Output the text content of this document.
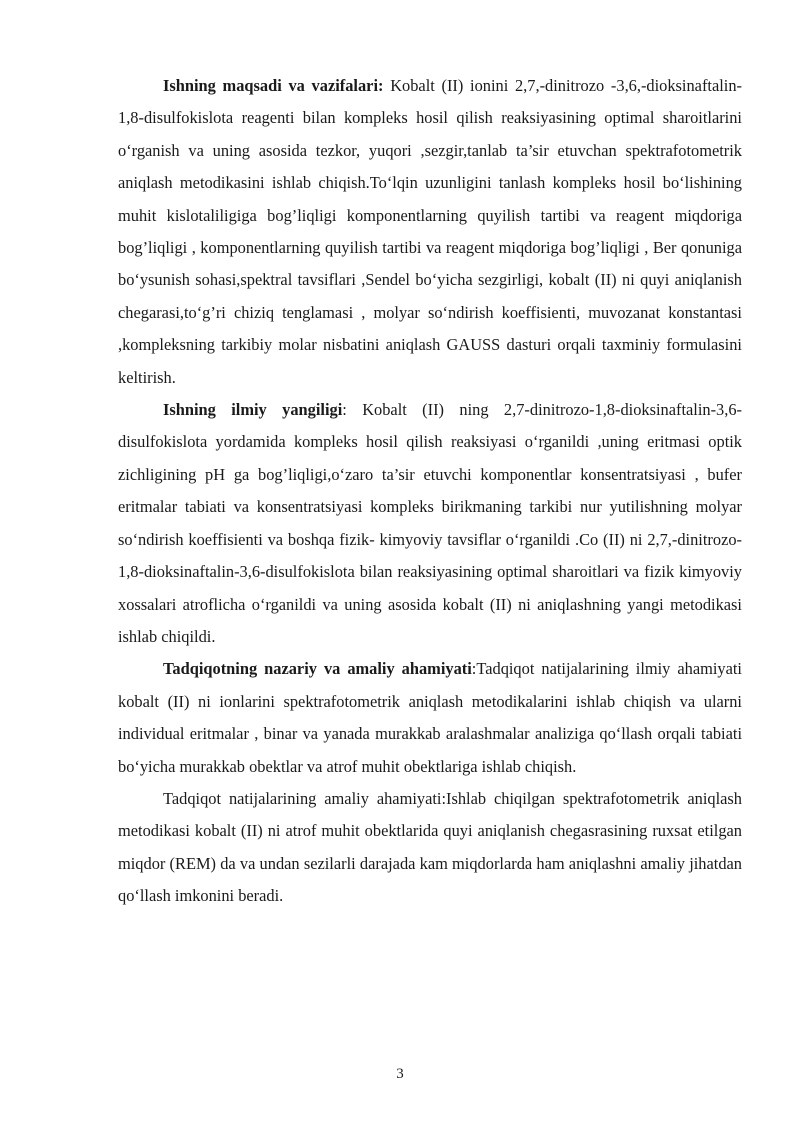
Ishning maqsadi va vazifalari: Kobalt (II) ionini 2,7,-dinitrozo -3,6,-dioksinaftalin-1,8-disulfokislota reagenti bilan kompleks hosil qilish reaksiyasining optimal sharoitlarini o‘rganish va uning asosida tezkor, yuqori ,sezgir,tanlab ta’sir etuvchan spektrafotometrik aniqlash metodikasini ishlab chiqish.To‘lqin uzunligini tanlash kompleks hosil bo‘lishining muhit kislotaliligiga bog’liqligi komponentlarning quyilish tartibi va reagent miqdoriga bog’liqligi , komponentlarning quyilish tartibi va reagent miqdoriga bog’liqligi , Ber qonuniga bo‘ysunish sohasi,spektral tavsiflari ,Sendel bo‘yicha sezgirligi, kobalt (II) ni quyi aniqlanish chegarasi,to‘g’ri chiziq tenglamasi , molyar so‘ndirish koeffisienti, muvozanat konstantasi ,kompleksning tarkibiy molar nisbatini aniqlash GAUSS dasturi orqali taxminiy formulasini keltirish.

Ishning ilmiy yangiligi: Kobalt (II) ning 2,7-dinitrozo-1,8-dioksinaftalin-3,6-disulfokislota yordamida kompleks hosil qilish reaksiyasi o‘rganildi ,uning eritmasi optik zichligining pH ga bog’liqligi,o‘zaro ta’sir etuvchi komponentlar konsentratsiyasi , bufer eritmalar tabiati va konsentratsiyasi kompleks birikmaning tarkibi nur yutilishning molyar so‘ndirish koeffisienti va boshqa fizik- kimyoviy tavsiflar o‘rganildi .Co (II) ni 2,7,-dinitrozo-1,8-dioksinaftalin-3,6-disulfokislota bilan reaksiyasining optimal sharoitlari va fizik kimyoviy xossalari atroflicha o‘rganildi va uning asosida kobalt (II) ni aniqlashning yangi metodikasi ishlab chiqildi.

Tadqiqotning nazariy va amaliy ahamiyati:Tadqiqot natijalarining ilmiy ahamiyati kobalt (II) ni ionlarini spektrafotometrik aniqlash metodikalarini ishlab chiqish va ularni individual eritmalar , binar va yanada murakkab aralashmalar analiziga qo‘llash orqali tabiati bo‘yicha murakkab obektlar va atrof muhit obektlariga ishlab chiqish.

Tadqiqot natijalarining amaliy ahamiyati:Ishlab chiqilgan spektrafotometrik aniqlash metodikasi kobalt (II) ni atrof muhit obektlarida quyi aniqlanish chegasrasining ruxsat etilgan miqdor (REM) da va undan sezilarli darajada kam miqdorlarda ham aniqlashni amaliy jihatdan qo‘llash imkonini beradi.

3
